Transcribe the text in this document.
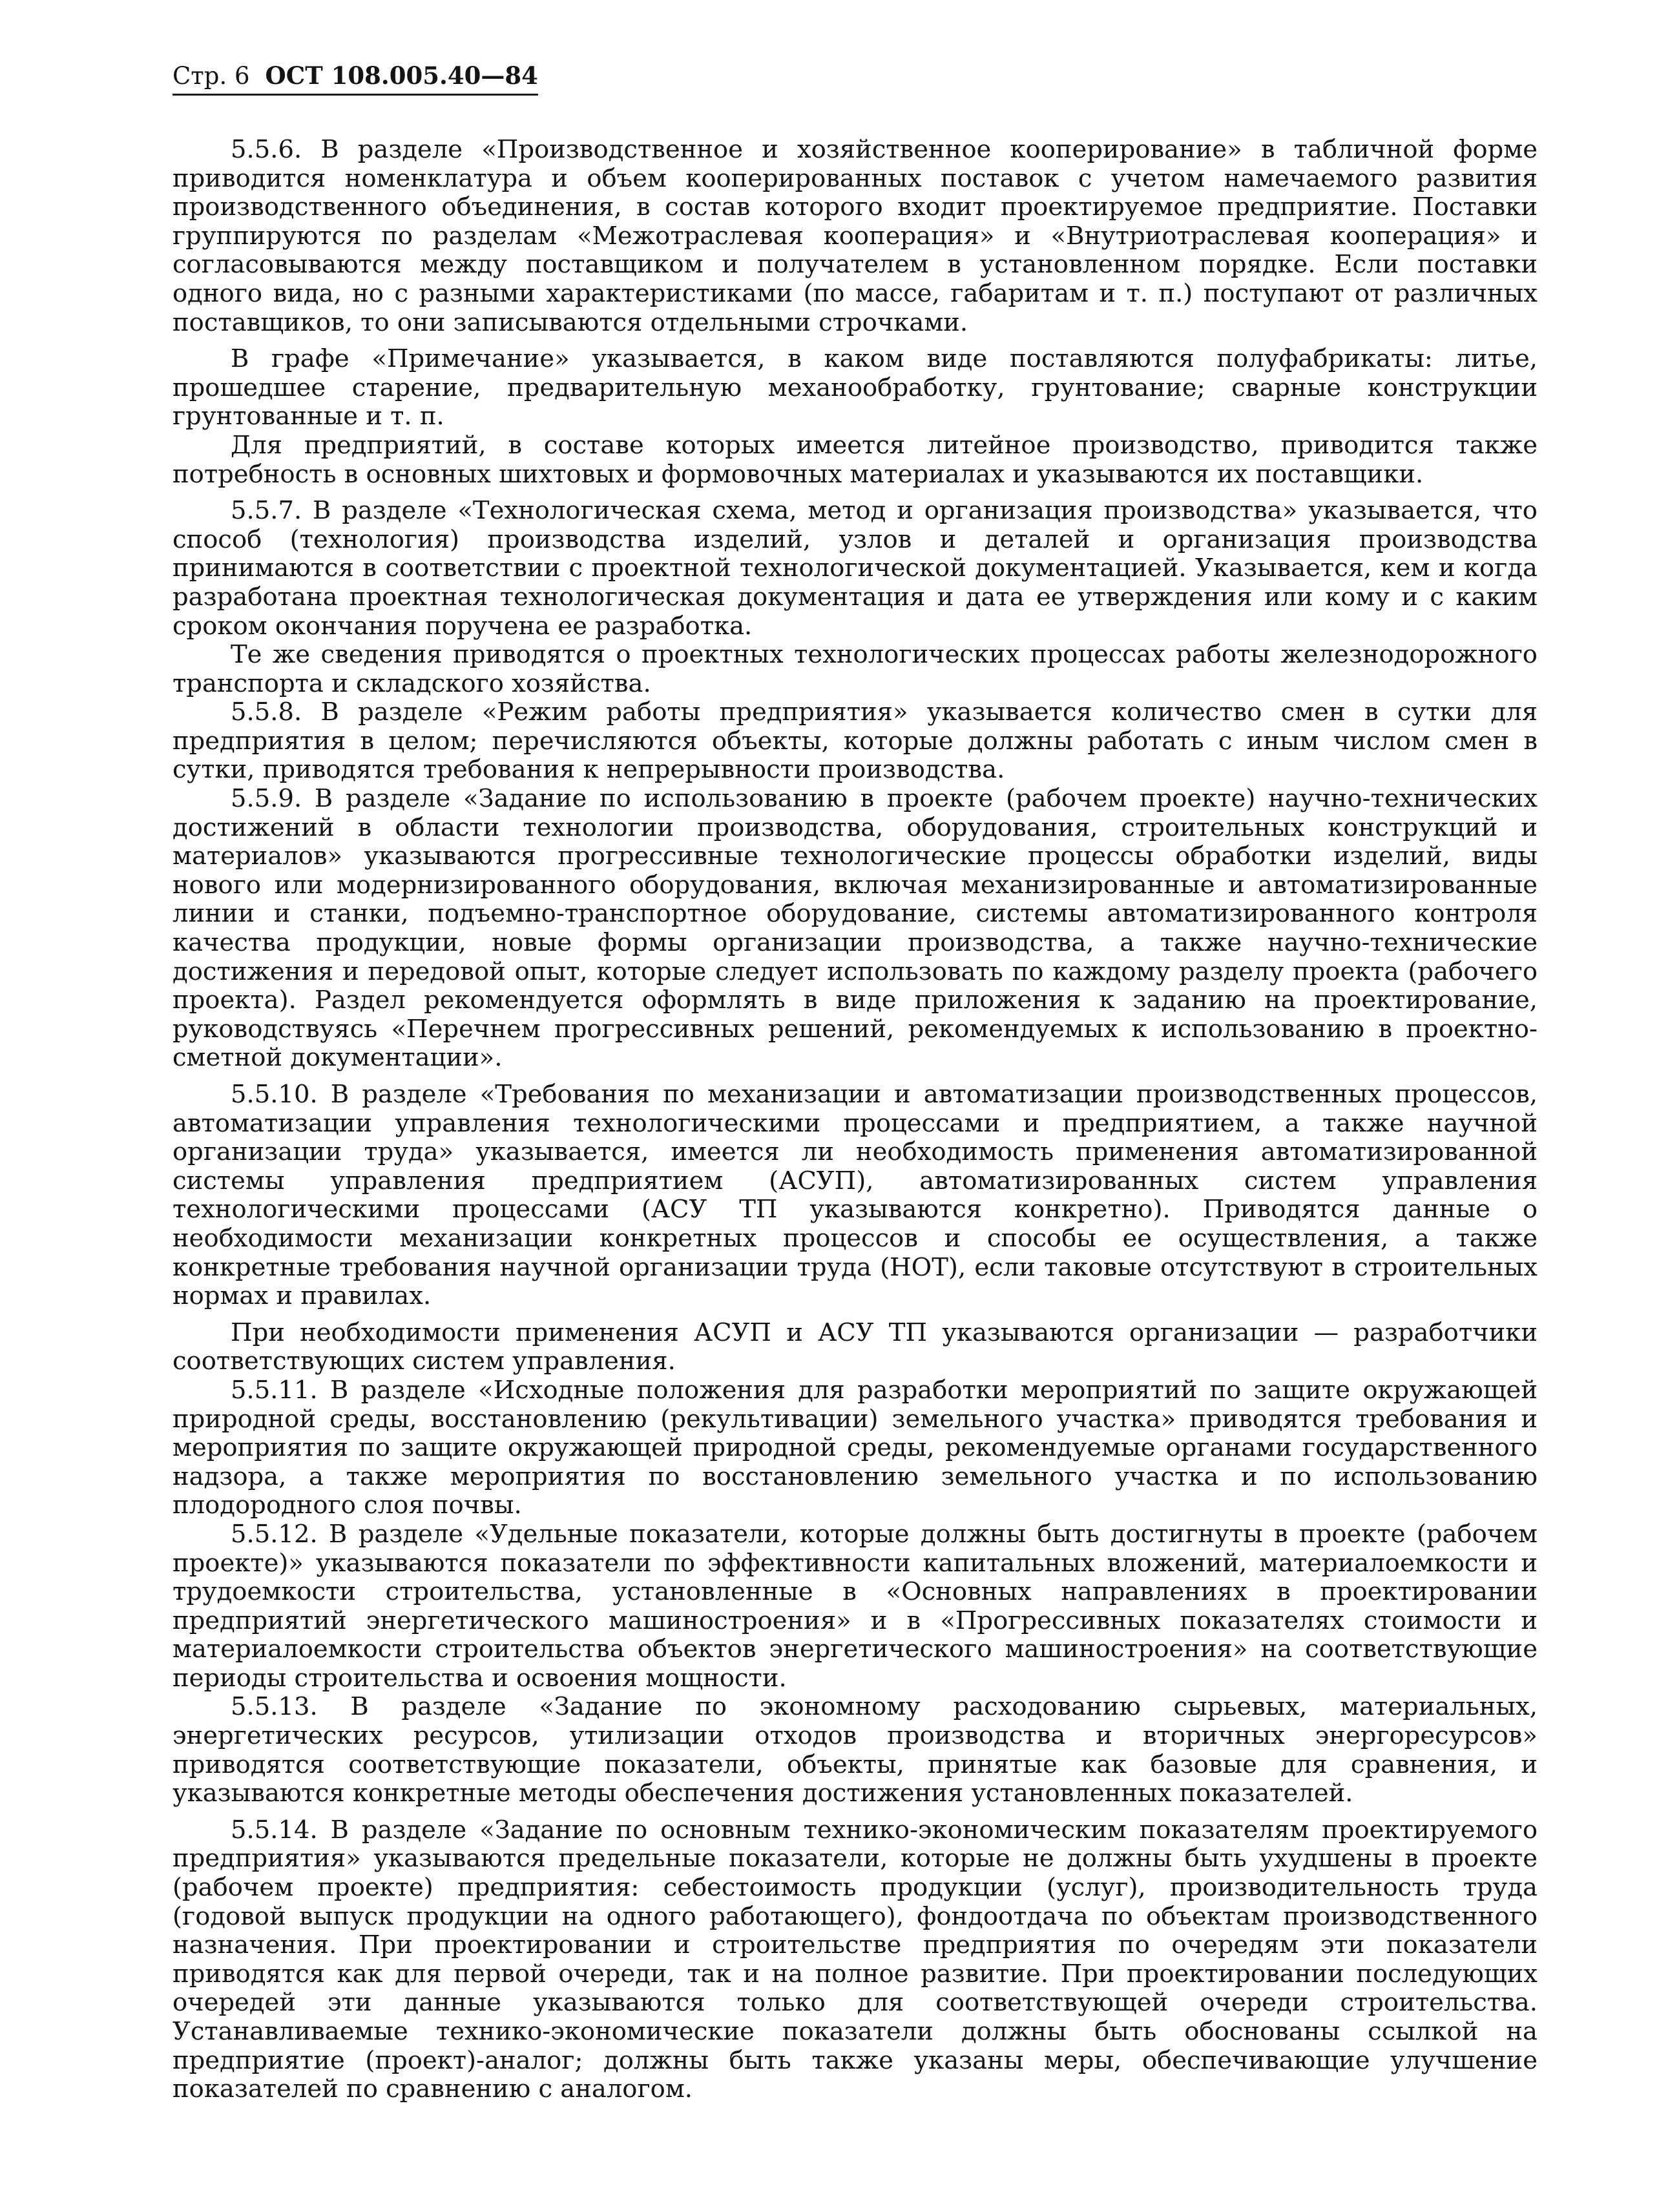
Стр. 6 ОСТ 108.005.40—84

5.5.6. В разделе «Производственное и хозяйственное кооперирование» в табличной форме приводится номенклатура и объем кооперированных поставок с учетом намечаемого развития производственного объединения, в состав которого входит проектируемое предприятие. Поставки группируются по разделам «Межотраслевая кооперация» и «Внутриотраслевая кооперация» и согласовываются между поставщиком и получателем в установленном порядке. Если поставки одного вида, но с разными характеристиками (по массе, габаритам и т. п.) поступают от различных поставщиков, то они записываются отдельными строчками.

В графе «Примечание» указывается, в каком виде поставляются полуфабрикаты: литье, прошедшее старение, предварительную механообработку, грунтование; сварные конструкции грунтованные и т. п.

Для предприятий, в составе которых имеется литейное производство, приводится также потребность в основных шихтовых и формовочных материалах и указываются их поставщики.

5.5.7. В разделе «Технологическая схема, метод и организация производства» указывается, что способ (технология) производства изделий, узлов и деталей и организация производства принимаются в соответствии с проектной технологической документацией. Указывается, кем и когда разработана проектная технологическая документация и дата ее утверждения или кому и с каким сроком окончания поручена ее разработка.

Те же сведения приводятся о проектных технологических процессах работы железнодорожного транспорта и складского хозяйства.

5.5.8. В разделе «Режим работы предприятия» указывается количество смен в сутки для предприятия в целом; перечисляются объекты, которые должны работать с иным числом смен в сутки, приводятся требования к непрерывности производства.

5.5.9. В разделе «Задание по использованию в проекте (рабочем проекте) научно-технических достижений в области технологии производства, оборудования, строительных конструкций и материалов» указываются прогрессивные технологические процессы обработки изделий, виды нового или модернизированного оборудования, включая механизированные и автоматизированные линии и станки, подъемно-транспортное оборудование, системы автоматизированного контроля качества продукции, новые формы организации производства, а также научно-технические достижения и передовой опыт, которые следует использовать по каждому разделу проекта (рабочего проекта). Раздел рекомендуется оформлять в виде приложения к заданию на проектирование, руководствуясь «Перечнем прогрессивных решений, рекомендуемых к использованию в проектно-сметной документации».

5.5.10. В разделе «Требования по механизации и автоматизации производственных процессов, автоматизации управления технологическими процессами и предприятием, а также научной организации труда» указывается, имеется ли необходимость применения автоматизированной системы управления предприятием (АСУП), автоматизированных систем управления технологическими процессами (АСУ ТП указываются конкретно). Приводятся данные о необходимости механизации конкретных процессов и способы ее осуществления, а также конкретные требования научной организации труда (НОТ), если таковые отсутствуют в строительных нормах и правилах.

При необходимости применения АСУП и АСУ ТП указываются организации — разработчики соответствующих систем управления.

5.5.11. В разделе «Исходные положения для разработки мероприятий по защите окружающей природной среды, восстановлению (рекультивации) земельного участка» приводятся требования и мероприятия по защите окружающей природной среды, рекомендуемые органами государственного надзора, а также мероприятия по восстановлению земельного участка и по использованию плодородного слоя почвы.

5.5.12. В разделе «Удельные показатели, которые должны быть достигнуты в проекте (рабочем проекте)» указываются показатели по эффективности капитальных вложений, материалоемкости и трудоемкости строительства, установленные в «Основных направлениях в проектировании предприятий энергетического машиностроения» и в «Прогрессивных показателях стоимости и материалоемкости строительства объектов энергетического машиностроения» на соответствующие периоды строительства и освоения мощности.

5.5.13. В разделе «Задание по экономному расходованию сырьевых, материальных, энергетических ресурсов, утилизации отходов производства и вторичных энергоресурсов» приводятся соответствующие показатели, объекты, принятые как базовые для сравнения, и указываются конкретные методы обеспечения достижения установленных показателей.

5.5.14. В разделе «Задание по основным технико-экономическим показателям проектируемого предприятия» указываются предельные показатели, которые не должны быть ухудшены в проекте (рабочем проекте) предприятия: себестоимость продукции (услуг), производительность труда (годовой выпуск продукции на одного работающего), фондоотдача по объектам производственного назначения. При проектировании и строительстве предприятия по очередям эти показатели приводятся как для первой очереди, так и на полное развитие. При проектировании последующих очередей эти данные указываются только для соответствующей очереди строительства. Устанавливаемые технико-экономические показатели должны быть обоснованы ссылкой на предприятие (проект)-аналог; должны быть также указаны меры, обеспечивающие улучшение показателей по сравнению с аналогом.
